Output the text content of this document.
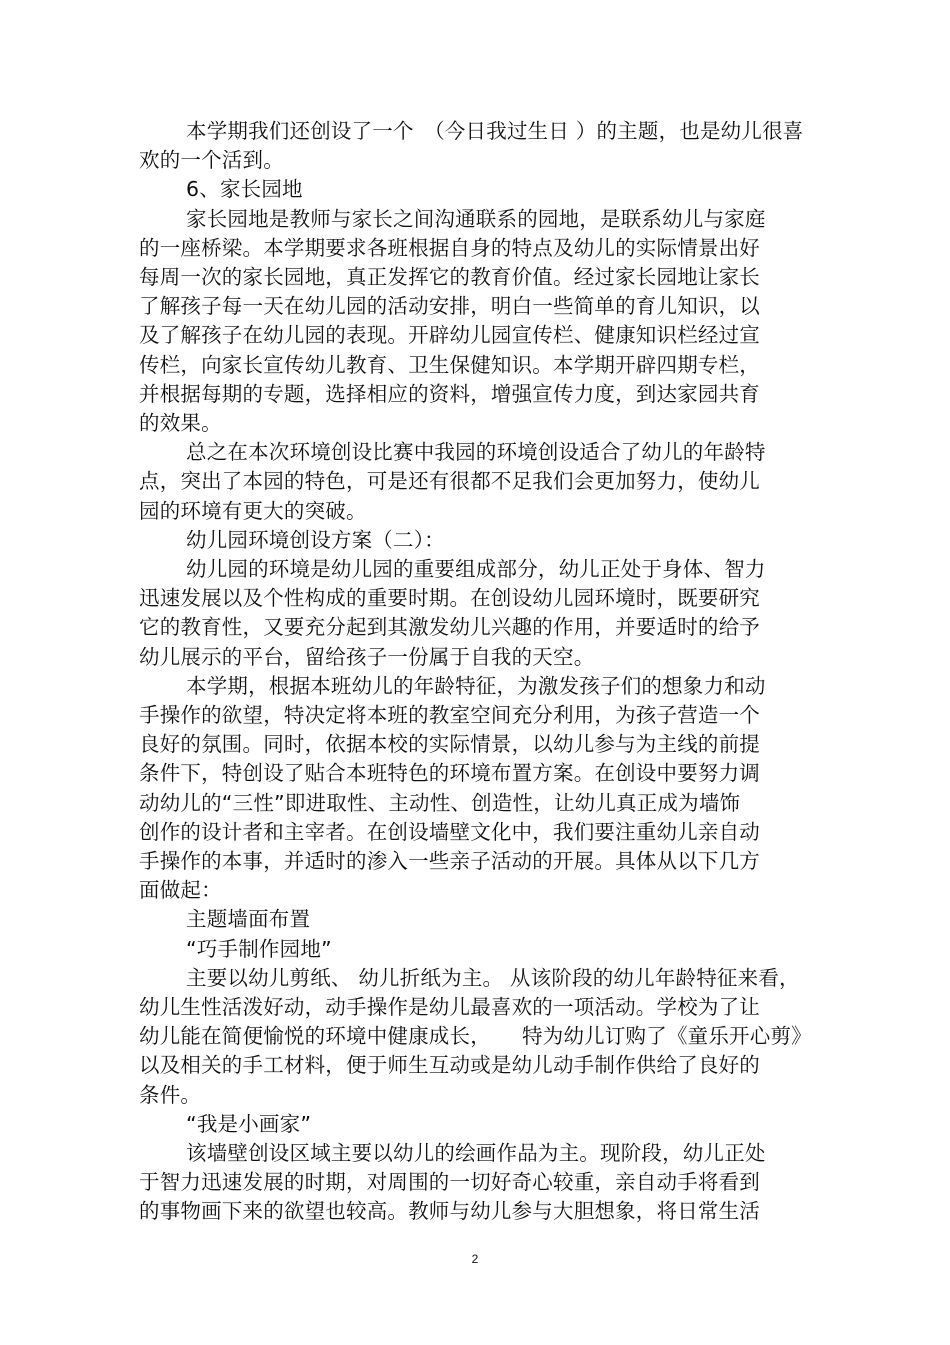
本学期我们还创设了一个　（今日我过生日 ）的主题，也是幼儿很喜
欢的一个活到。
6、家长园地
家长园地是教师与家长之间沟通联系的园地，是联系幼儿与家庭
的一座桥梁。本学期要求各班根据自身的特点及幼儿的实际情景出好
每周一次的家长园地，真正发挥它的教育价值。经过家长园地让家长
了解孩子每一天在幼儿园的活动安排，明白一些简单的育儿知识，以
及了解孩子在幼儿园的表现。开辟幼儿园宣传栏、健康知识栏经过宣
传栏，向家长宣传幼儿教育、卫生保健知识。本学期开辟四期专栏，
并根据每期的专题，选择相应的资料，增强宣传力度，到达家园共育
的效果。
总之在本次环境创设比赛中我园的环境创设适合了幼儿的年龄特
点，突出了本园的特色，可是还有很都不足我们会更加努力，使幼儿
园的环境有更大的突破。
幼儿园环境创设方案（二）：
幼儿园的环境是幼儿园的重要组成部分，幼儿正处于身体、智力
迅速发展以及个性构成的重要时期。在创设幼儿园环境时，既要研究
它的教育性，又要充分起到其激发幼儿兴趣的作用，并要适时的给予
幼儿展示的平台，留给孩子一份属于自我的天空。
本学期，根据本班幼儿的年龄特征，为激发孩子们的想象力和动
手操作的欲望，特决定将本班的教室空间充分利用，为孩子营造一个
良好的氛围。同时，依据本校的实际情景，以幼儿参与为主线的前提
条件下，特创设了贴合本班特色的环境布置方案。在创设中要努力调
动幼儿的“三性”即进取性、主动性、创造性，让幼儿真正成为墙饰
创作的设计者和主宰者。在创设墙壁文化中，我们要注重幼儿亲自动
手操作的本事，并适时的渗入一些亲子活动的开展。具体从以下几方
面做起：
主题墙面布置
“巧手制作园地”
主要以幼儿剪纸、 幼儿折纸为主。 从该阶段的幼儿年龄特征来看，
幼儿生性活泼好动，动手操作是幼儿最喜欢的一项活动。学校为了让
幼儿能在简便愉悦的环境中健康成长，　　特为幼儿订购了《童乐开心剪》
以及相关的手工材料，便于师生互动或是幼儿动手制作供给了良好的
条件。
“我是小画家”
该墙壁创设区域主要以幼儿的绘画作品为主。现阶段，幼儿正处
于智力迅速发展的时期，对周围的一切好奇心较重，亲自动手将看到
的事物画下来的欲望也较高。教师与幼儿参与大胆想象，将日常生活
2
